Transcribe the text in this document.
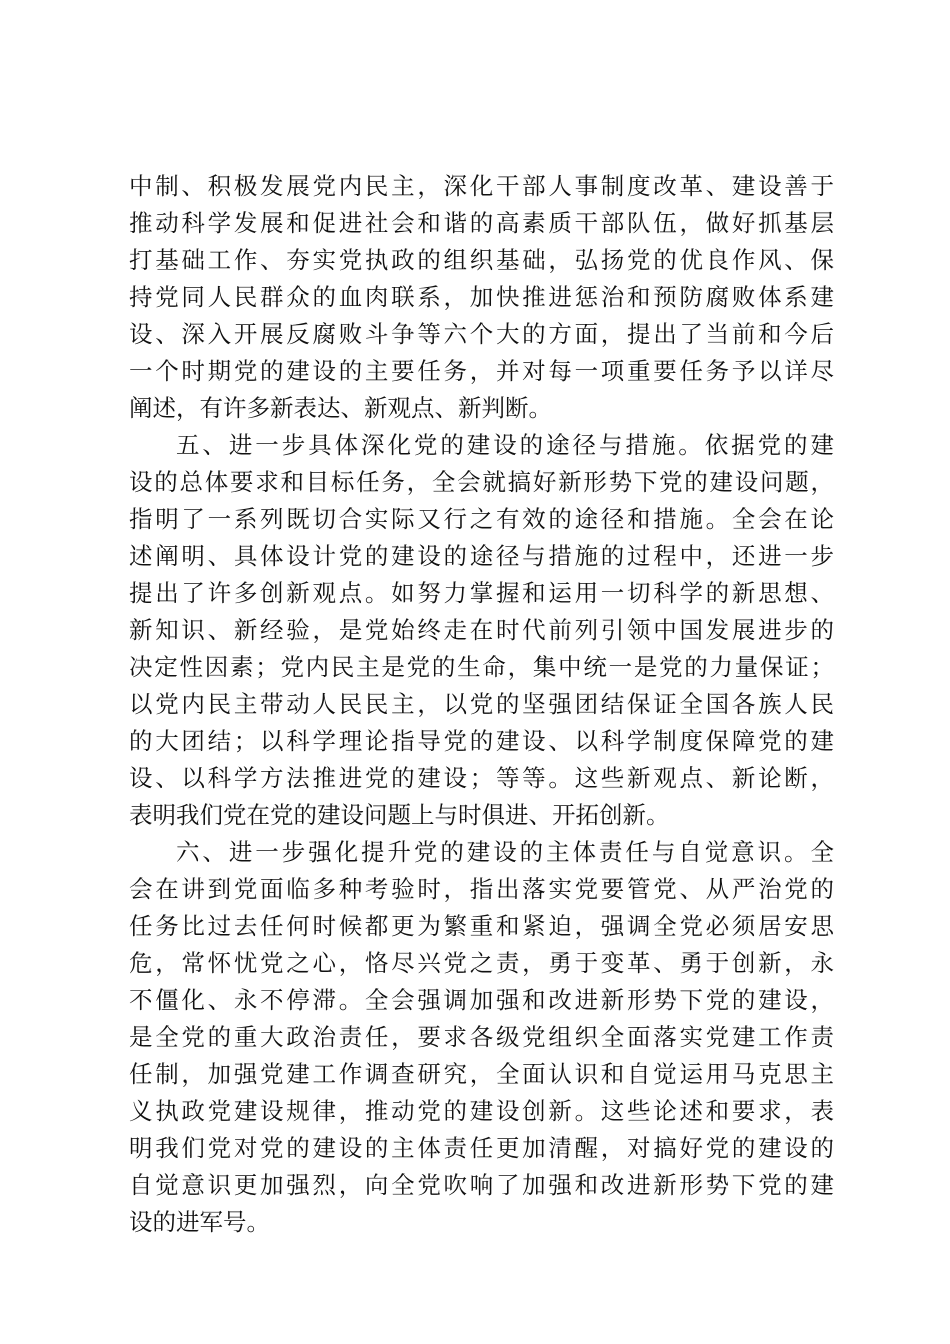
中制、积极发展党内民主，深化干部人事制度改革、建设善于
推动科学发展和促进社会和谐的高素质干部队伍，做好抓基层
打基础工作、夯实党执政的组织基础，弘扬党的优良作风、保
持党同人民群众的血肉联系，加快推进惩治和预防腐败体系建
设、深入开展反腐败斗争等六个大的方面，提出了当前和今后
一个时期党的建设的主要任务，并对每一项重要任务予以详尽
阐述，有许多新表达、新观点、新判断。
五、进一步具体深化党的建设的途径与措施。依据党的建
设的总体要求和目标任务，全会就搞好新形势下党的建设问题，
指明了一系列既切合实际又行之有效的途径和措施。全会在论
述阐明、具体设计党的建设的途径与措施的过程中，还进一步
提出了许多创新观点。如努力掌握和运用一切科学的新思想、
新知识、新经验，是党始终走在时代前列引领中国发展进步的
决定性因素；党内民主是党的生命，集中统一是党的力量保证；
以党内民主带动人民民主，以党的坚强团结保证全国各族人民
的大团结；以科学理论指导党的建设、以科学制度保障党的建
设、以科学方法推进党的建设；等等。这些新观点、新论断，
表明我们党在党的建设问题上与时俱进、开拓创新。
六、进一步强化提升党的建设的主体责任与自觉意识。全
会在讲到党面临多种考验时，指出落实党要管党、从严治党的
任务比过去任何时候都更为繁重和紧迫，强调全党必须居安思
危，常怀忧党之心，恪尽兴党之责，勇于变革、勇于创新，永
不僵化、永不停滞。全会强调加强和改进新形势下党的建设，
是全党的重大政治责任，要求各级党组织全面落实党建工作责
任制，加强党建工作调查研究，全面认识和自觉运用马克思主
义执政党建设规律，推动党的建设创新。这些论述和要求，表
明我们党对党的建设的主体责任更加清醒，对搞好党的建设的
自觉意识更加强烈，向全党吹响了加强和改进新形势下党的建
设的进军号。
